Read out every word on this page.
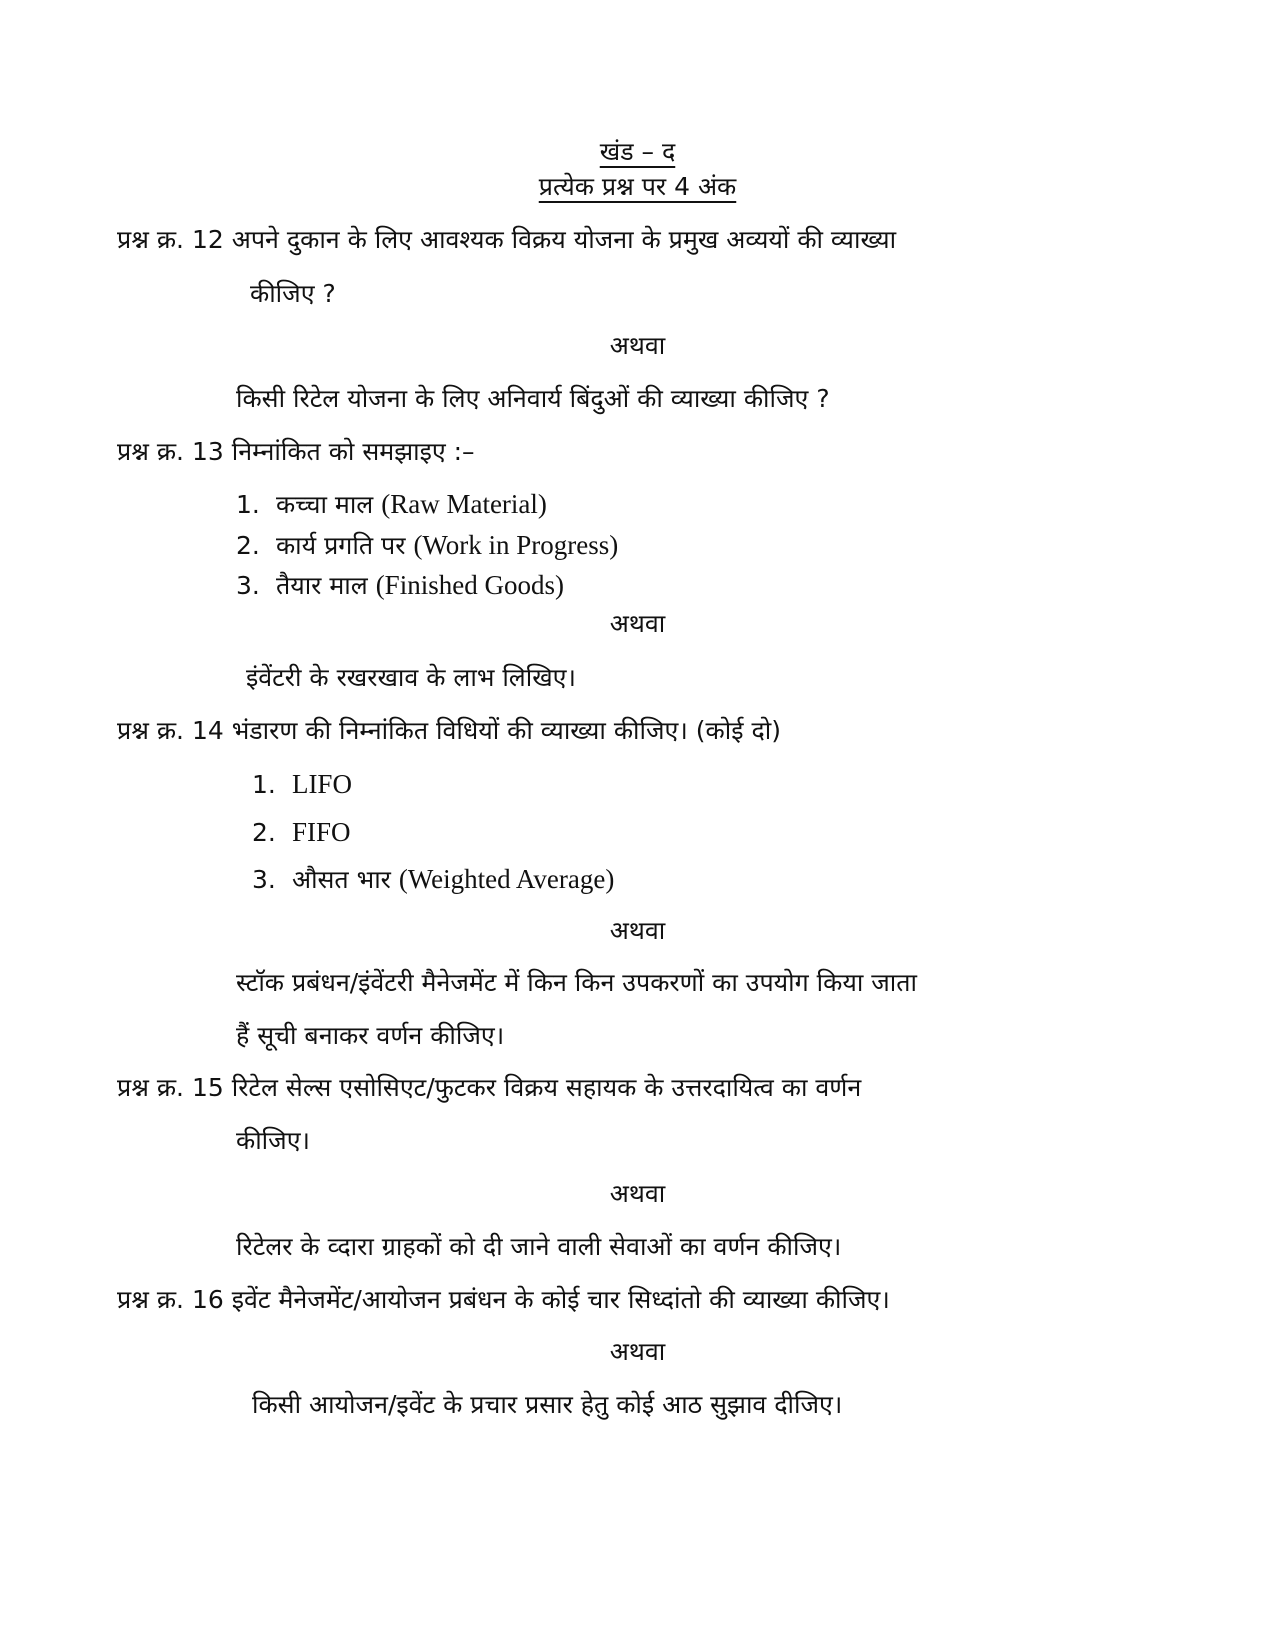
खंड – द
प्रत्येक प्रश्न पर 4 अंक
प्रश्न क्र. 12 अपने दुकान के लिए आवश्यक विक्रय योजना के प्रमुख अव्ययों की व्याख्या
कीजिए ?
अथवा
किसी रिटेल योजना के लिए अनिवार्य बिंदुओं की व्याख्या कीजिए ?
प्रश्न क्र. 13 निम्नांकित को समझाइए :–
1. कच्चा माल (Raw Material)
2. कार्य प्रगति पर (Work in Progress)
3. तैयार माल (Finished Goods)
अथवा
इंवेंटरी के रखरखाव के लाभ लिखिए।
प्रश्न क्र. 14 भंडारण की निम्नांकित विधियों की व्याख्या कीजिए। (कोई दो)
1. LIFO
2. FIFO
3. औसत भार (Weighted Average)
अथवा
स्टॉक प्रबंधन/इंवेंटरी मैनेजमेंट में किन किन उपकरणों का उपयोग किया जाता
हैं सूची बनाकर वर्णन कीजिए।
प्रश्न क्र. 15 रिटेल सेल्स एसोसिएट/फुटकर विक्रय सहायक के उत्तरदायित्व का वर्णन
कीजिए।
अथवा
रिटेलर के व्दारा ग्राहकों को दी जाने वाली सेवाओं का वर्णन कीजिए।
प्रश्न क्र. 16 इवेंट मैनेजमेंट/आयोजन प्रबंधन के कोई चार सिध्दांतो की व्याख्या कीजिए।
अथवा
किसी आयोजन/इवेंट के प्रचार प्रसार हेतु कोई आठ सुझाव दीजिए।
